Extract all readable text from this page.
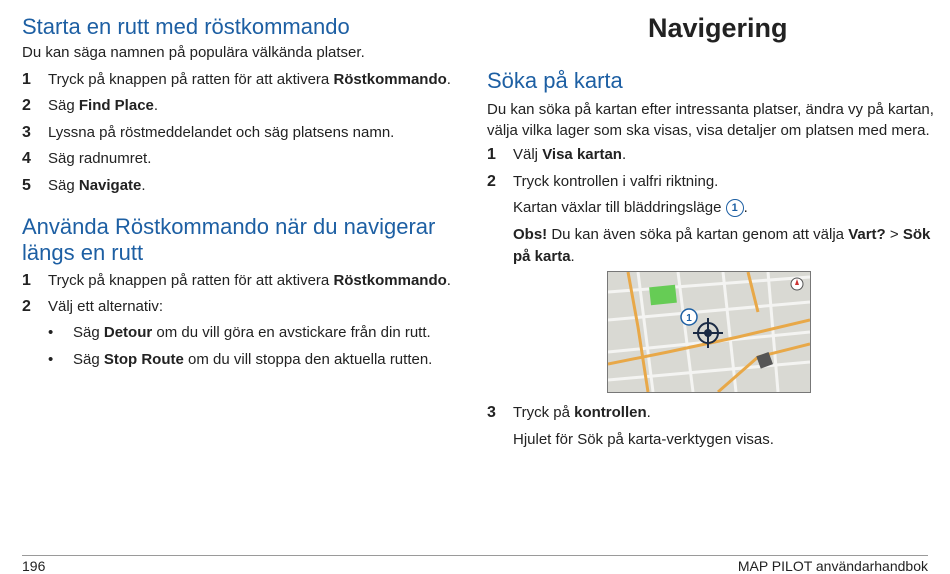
Starta en rutt med röstkommando
Du kan säga namnen på populära välkända platser.
1 Tryck på knappen på ratten för att aktivera Röstkommando.
2 Säg Find Place.
3 Lyssna på röstmeddelandet och säg platsens namn.
4 Säg radnumret.
5 Säg Navigate.
Använda Röstkommando när du navigerar
längs en rutt
1 Tryck på knappen på ratten för att aktivera Röstkommando.
2 Välj ett alternativ:
• Säg Detour om du vill göra en avstickare från din rutt.
• Säg Stop Route om du vill stoppa den aktuella rutten.
Navigering
Söka på karta
Du kan söka på kartan efter intressanta platser, ändra vy på kartan,
välja vilka lager som ska visas, visa detaljer om platsen med mera.
1 Välj Visa kartan.
2 Tryck kontrollen i valfri riktning.
Kartan växlar till bläddringsläge 1 .
Obs! Du kan även söka på kartan genom att välja Vart? > Sök
på karta.
1
3 Tryck på kontrollen.
Hjulet för Sök på karta-verktygen visas.
196	MAP PILOT användarhandbok
